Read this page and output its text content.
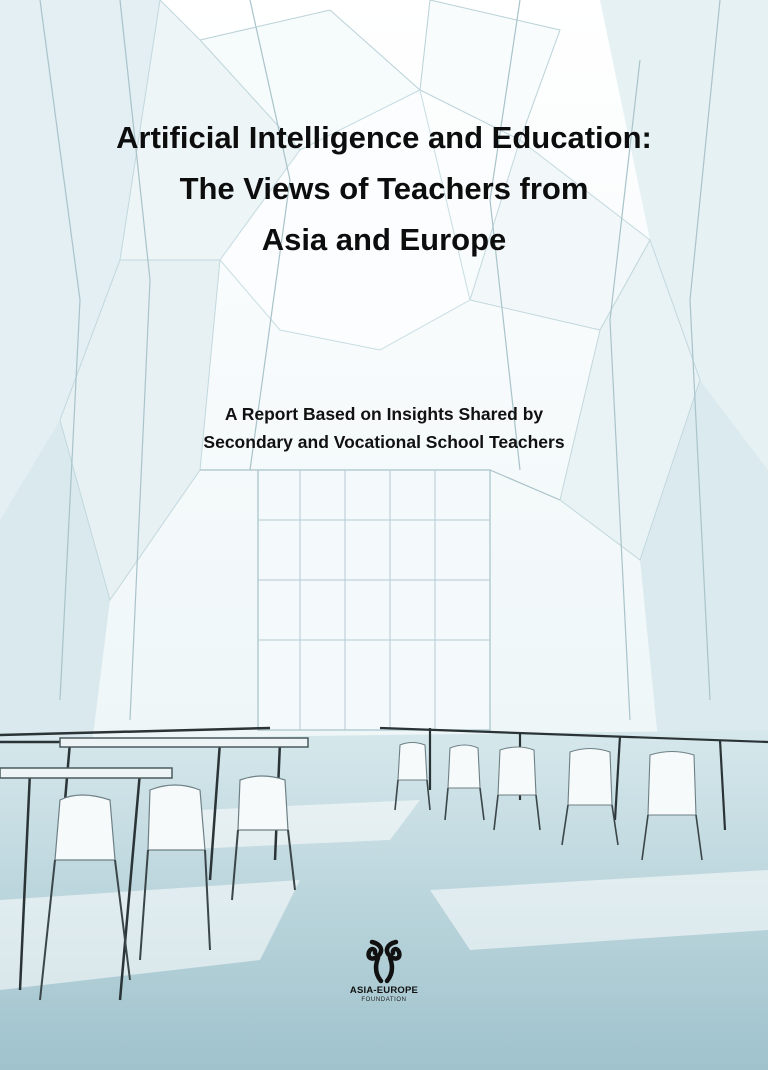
Artificial Intelligence and Education:
The Views of Teachers from
Asia and Europe

A Report Based on Insights Shared by
Secondary and Vocational School Teachers

ASIA-EUROPE
FOUNDATION
